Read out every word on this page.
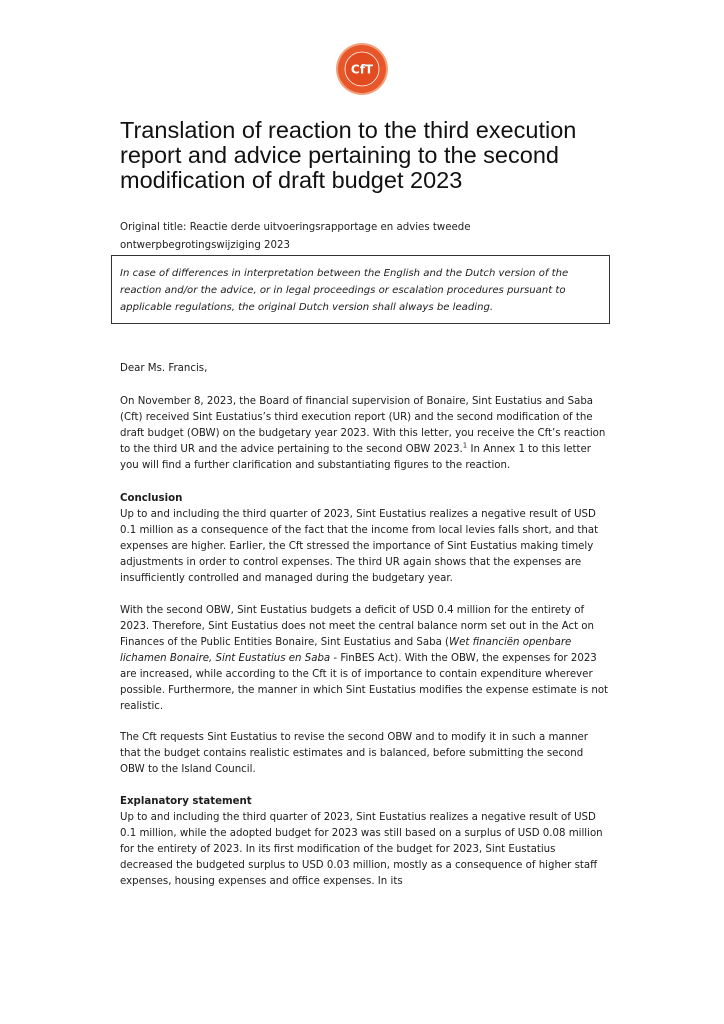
CfT
Translation of reaction to the third execution report and advice pertaining to the second modification of draft budget 2023
Original title: Reactie derde uitvoeringsrapportage en advies tweede
ontwerpbegrotingswijziging 2023
In case of differences in interpretation between the English and the Dutch version of the reaction and/or the advice, or in legal proceedings or escalation procedures pursuant to applicable regulations, the original Dutch version shall always be leading.

Dear Ms. Francis,

On November 8, 2023, the Board of financial supervision of Bonaire, Sint Eustatius and Saba (Cft) received Sint Eustatius’s third execution report (UR) and the second modification of the draft budget (OBW) on the budgetary year 2023. With this letter, you receive the Cft’s reaction to the third UR and the advice pertaining to the second OBW 2023.$^1$ In Annex 1 to this letter you will find a further clarification and substantiating figures to the reaction.

Conclusion

Up to and including the third quarter of 2023, Sint Eustatius realizes a negative result of USD 0.1 million as a consequence of the fact that the income from local levies falls short, and that expenses are higher. Earlier, the Cft stressed the importance of Sint Eustatius making timely adjustments in order to control expenses. The third UR again shows that the expenses are insufficiently controlled and managed during the budgetary year.

With the second OBW, Sint Eustatius budgets a deficit of USD 0.4 million for the entirety of 2023. Therefore, Sint Eustatius does not meet the central balance norm set out in the Act on Finances of the Public Entities Bonaire, Sint Eustatius and Saba (Wet financiën openbare lichamen Bonaire, Sint Eustatius en Saba - FinBES Act). With the OBW, the expenses for 2023 are increased, while according to the Cft it is of importance to contain expenditure wherever possible. Furthermore, the manner in which Sint Eustatius modifies the expense estimate is not realistic.

The Cft requests Sint Eustatius to revise the second OBW and to modify it in such a manner that the budget contains realistic estimates and is balanced, before submitting the second OBW to the Island Council.

Explanatory statement

Up to and including the third quarter of 2023, Sint Eustatius realizes a negative result of USD 0.1 million, while the adopted budget for 2023 was still based on a surplus of USD 0.08 million for the entirety of 2023. In its first modification of the budget for 2023, Sint Eustatius decreased the budgeted surplus to USD 0.03 million, mostly as a consequence of higher staff expenses, housing expenses and office expenses. In its
